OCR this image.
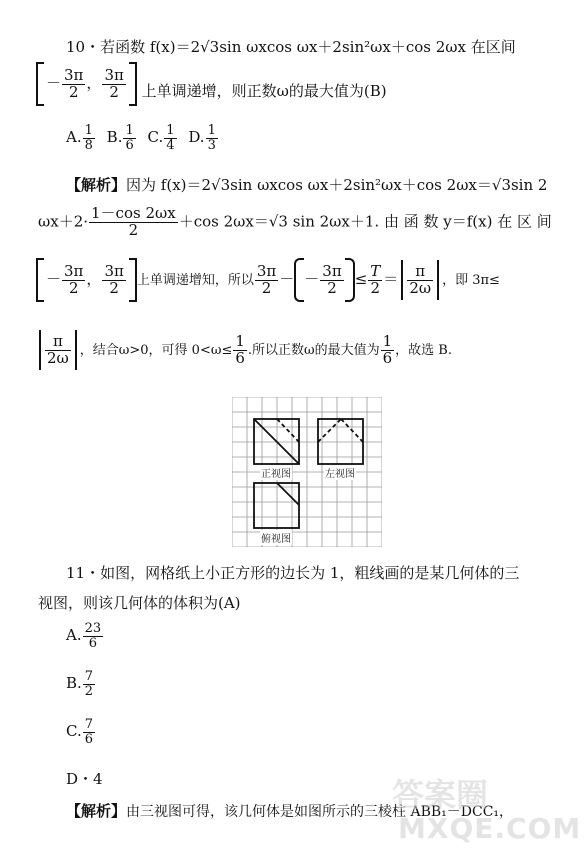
10・若函数 f(x)＝2√3sin ωxcos ωx＋2sin²ωx＋cos 2ωx 在区间
－ $\frac{3\pi}{2}$ ， $\frac{3\pi}{2}$ 上单调递增，则正数ω的最大值为(B)
A. $\frac{1}{8} B$. $\frac{1}{6} C$. $\frac{1}{4} D$. $\frac{1}{3}$
【解析】因为 f(x)＝2√3sin ωxcos ωx＋2sin²ωx＋cos 2ωx＝√3sin 2
$\omega x+2\cdot \frac{1-\cos 2\omega x}{2} +\cos$ 2ωx＝√3 sin 2ωx＋1. 由 函 数 y＝f(x) 在 区 间
－ $\frac{3\pi}{2}$ ， $\frac{3\pi}{2}$ 上单调递增知，所以 $\frac{3\pi}{2}$ － － $\frac{3\pi}{2} \le \frac{T}{2} = \frac{\pi}{2\omega}$ ，即 3π≤
$\frac{\pi}{2\omega}$ ，结合ω>0，可得 $0<\omega\le \frac{1}{6}$ .所以正数ω的最大值为 $\frac{1}{6}$ ，故选 B.
正视图	左视图
俯视图
11・如图，网格纸上小正方形的边长为 1，粗线画的是某几何体的三
视图，则该几何体的体积为(A)
A. $\frac{23}{6}$
B. $\frac{7}{2}$
C. $\frac{7}{6}$
D・4
【解析】由三视图可得，该几何体是如图所示的三棱柱 ABB₁－DCC₁，
答案圈
MXQE.COM
